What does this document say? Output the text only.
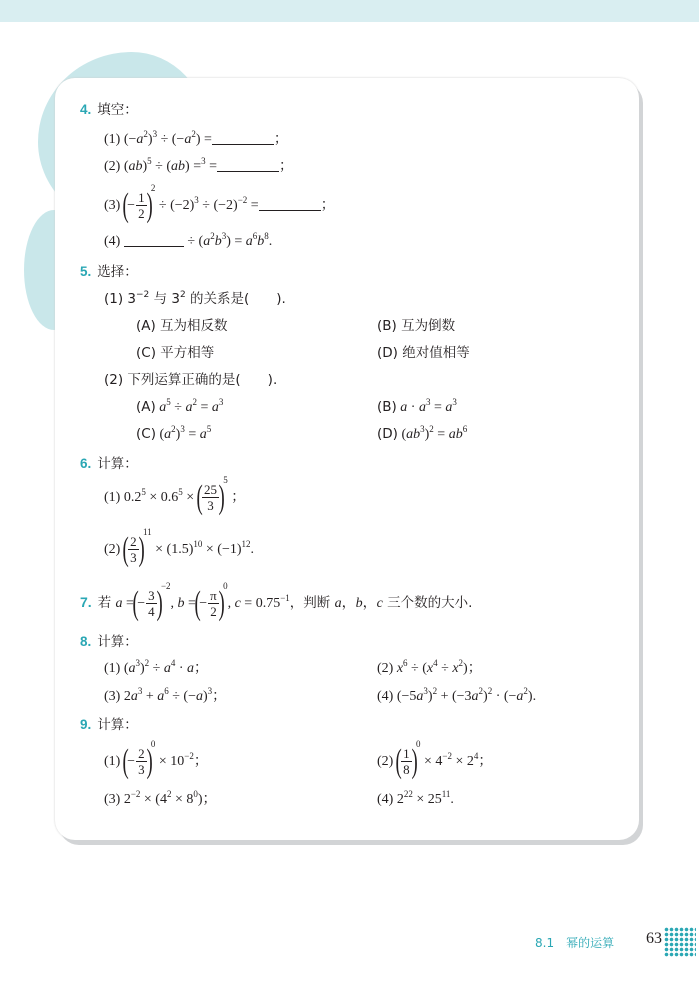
4. 填空：
(1) $(-a^2)^3 \div (-a^2)$ =	；
(2) (ab)$^5$ ÷ (ab) =$^3$ =	；
(3) (− $\frac{1}{2} )^2 \div (-2)^3 \div (-2)^{-2}$ =	；
(4)	÷ $(a^2b^3) = a^6b^8$.
5. 选择：
(1) $3^{-2}$ 与 $3^2$ 的关系是(　　).
(A) 互为相反数	(B) 互为倒数
(C) 平方相等	(D) 绝对值相等
(2) 下列运算正确的是(　　).
(A) $a^5 \div a^2 = a^3$	(B) $a \cdot a^3 = a^3$
(C) $(a^2)^3 = a^5$	(D) $(ab^3)^2 = ab^6$
6. 计算：
(1) $0.2^5 \times 0.6^5$ × ( $\frac{25}{3} )^5$ ；
(2) ( $\frac{2}{3} )^{11} \times (1.5)^{10} \times (-1)^{12}$.
7. 若 a =(− $\frac{3}{4} )^{-2}$, b =(− $\frac{\pi}{2} )^0$, $c = 0.75^{-1}$，判断 a，b，c 三个数的大小.
8. 计算：
(1) $(a^3)^2 \div a^4 \cdot a$；	(2) $x^6 \div (x^4 \div x^2)$；
(3) $2a^3 + a^6 \div (-a)^3$；	(4) $(-5a^3)^2 + (-3a^2)^2 \cdot (-a^2)$.
9. 计算：
(1) (− $\frac{2}{3} )^0 \times 10^{-2}$；	(2) ( $\frac{1}{8} )^0 \times 4^{-2} \times 2^4$；
(3) $2^{-2} \times (4^2 \times 8^0)$；	(4) $2^{22} \times 25^{11}$.
8.1　幂的运算 63
